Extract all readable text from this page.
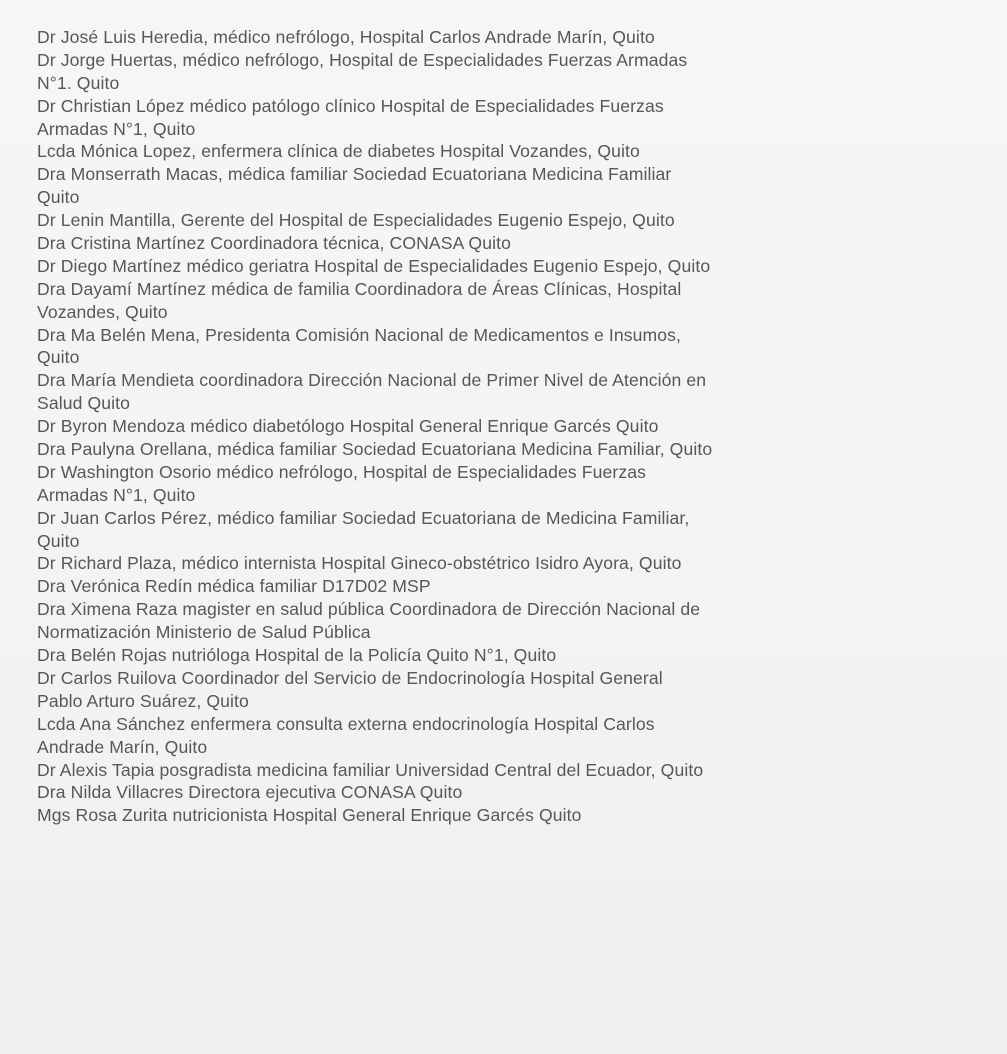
Dr José Luis Heredia, médico nefrólogo, Hospital Carlos Andrade Marín, Quito
Dr Jorge Huertas, médico nefrólogo, Hospital de Especialidades Fuerzas Armadas
N°1. Quito
Dr Christian López médico patólogo clínico Hospital de Especialidades Fuerzas
Armadas N°1, Quito
Lcda Mónica Lopez, enfermera clínica de diabetes Hospital Vozandes, Quito
Dra Monserrath Macas, médica familiar Sociedad Ecuatoriana Medicina Familiar
Quito
Dr Lenin Mantilla, Gerente del Hospital de Especialidades Eugenio Espejo, Quito
Dra Cristina Martínez Coordinadora técnica, CONASA Quito
Dr Diego Martínez médico geriatra Hospital de Especialidades Eugenio Espejo, Quito
Dra Dayamí Martínez médica de familia Coordinadora de Áreas Clínicas, Hospital
Vozandes, Quito
Dra Ma Belén Mena, Presidenta Comisión Nacional de Medicamentos e Insumos,
Quito
Dra María Mendieta coordinadora Dirección Nacional de Primer Nivel de Atención en
Salud Quito
Dr Byron Mendoza médico diabetólogo Hospital General Enrique Garcés Quito
Dra Paulyna Orellana, médica familiar Sociedad Ecuatoriana Medicina Familiar, Quito
Dr Washington Osorio médico nefrólogo, Hospital de Especialidades Fuerzas
Armadas N°1, Quito
Dr Juan Carlos Pérez, médico familiar Sociedad Ecuatoriana de Medicina Familiar,
Quito
Dr Richard Plaza, médico internista Hospital Gineco-obstétrico Isidro Ayora, Quito
Dra Verónica Redín médica familiar D17D02 MSP
Dra Ximena Raza magister en salud pública Coordinadora de Dirección Nacional de
Normatización Ministerio de Salud Pública
Dra Belén Rojas nutrióloga Hospital de la Policía Quito N°1, Quito
Dr Carlos Ruilova Coordinador del Servicio de Endocrinología Hospital General
Pablo Arturo Suárez, Quito
Lcda Ana Sánchez enfermera consulta externa endocrinología Hospital Carlos
Andrade Marín, Quito
Dr Alexis Tapia posgradista medicina familiar Universidad Central del Ecuador, Quito
Dra Nilda Villacres Directora ejecutiva CONASA Quito
Mgs Rosa Zurita nutricionista Hospital General Enrique Garcés Quito
